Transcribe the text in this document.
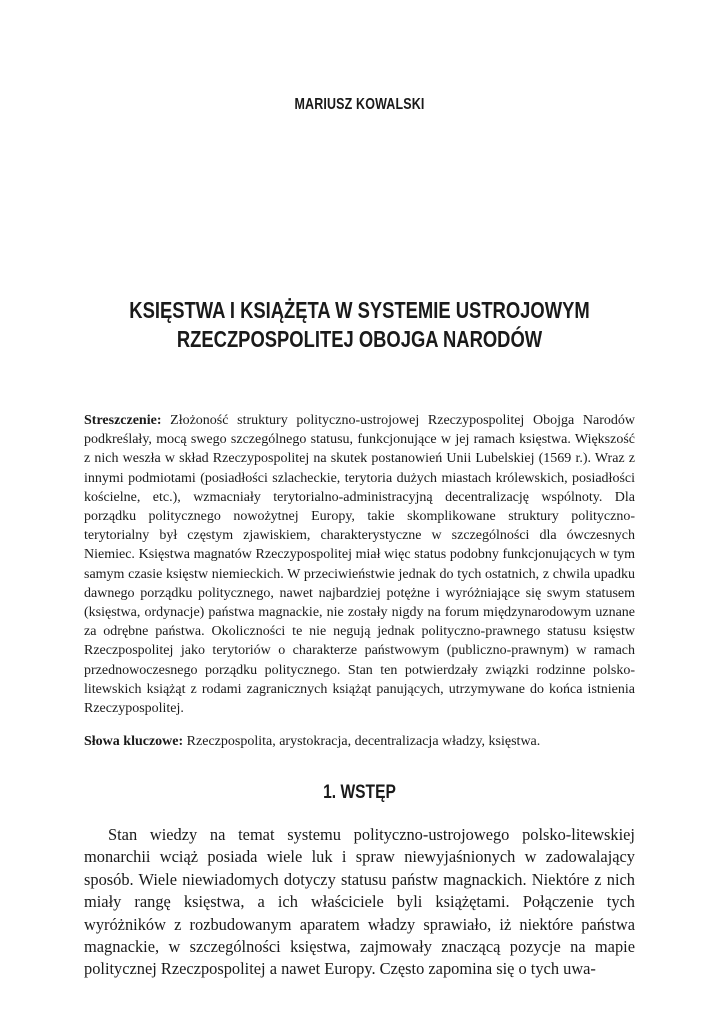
MARIUSZ KOWALSKI
KSIĘSTWA I KSIĄŻĘTA W SYSTEMIE USTROJOWYM
RZECZPOSPOLITEJ OBOJGA NARODÓW
Streszczenie: Złożoność struktury polityczno-ustrojowej Rzeczypospolitej Obojga Narodów podkreślały, mocą swego szczególnego statusu, funkcjonujące w jej ramach księstwa. Większość z nich weszła w skład Rzeczypospolitej na skutek postanowień Unii Lubelskiej (1569 r.). Wraz z innymi podmiotami (posiadłości szlacheckie, terytoria dużych miastach królewskich, posiadłości kościelne, etc.), wzmacniały terytorialno-administracyjną decentralizację wspólnoty. Dla porządku politycznego nowożytnej Europy, takie skomplikowane struktury polityczno-terytorialny był częstym zjawiskiem, charakterystyczne w szczególności dla ówczesnych Niemiec. Księstwa magnatów Rzeczypospolitej miał więc status podobny funkcjonujących w tym samym czasie księstw niemieckich. W przeciwieństwie jednak do tych ostatnich, z chwila upadku dawnego porządku politycznego, nawet najbardziej potężne i wyróżniające się swym statusem (księstwa, ordynacje) państwa magnackie, nie zostały nigdy na forum międzynarodowym uznane za odrębne państwa. Okoliczności te nie negują jednak polityczno-prawnego statusu księstw Rzeczpospolitej jako terytoriów o charakterze państwowym (publiczno-prawnym) w ramach przednowoczesnego porządku politycznego. Stan ten potwierdzały związki rodzinne polsko-litewskich książąt z rodami zagranicznych książąt panujących, utrzymywane do końca istnienia Rzeczypospolitej.
Słowa kluczowe: Rzeczpospolita, arystokracja, decentralizacja władzy, księstwa.
1. WSTĘP
Stan wiedzy na temat systemu polityczno-ustrojowego polsko-litewskiej monarchii wciąż posiada wiele luk i spraw niewyjaśnionych w zadowalający sposób. Wiele niewiadomych dotyczy statusu państw magnackich. Niektóre z nich miały rangę księstwa, a ich właściciele byli książętami. Połączenie tych wyróżników z rozbudowanym aparatem władzy sprawiało, iż niektóre państwa magnackie, w szczególności księstwa, zajmowały znaczącą pozycje na mapie politycznej Rzeczpospolitej a nawet Europy. Często zapomina się o tych uwa-
